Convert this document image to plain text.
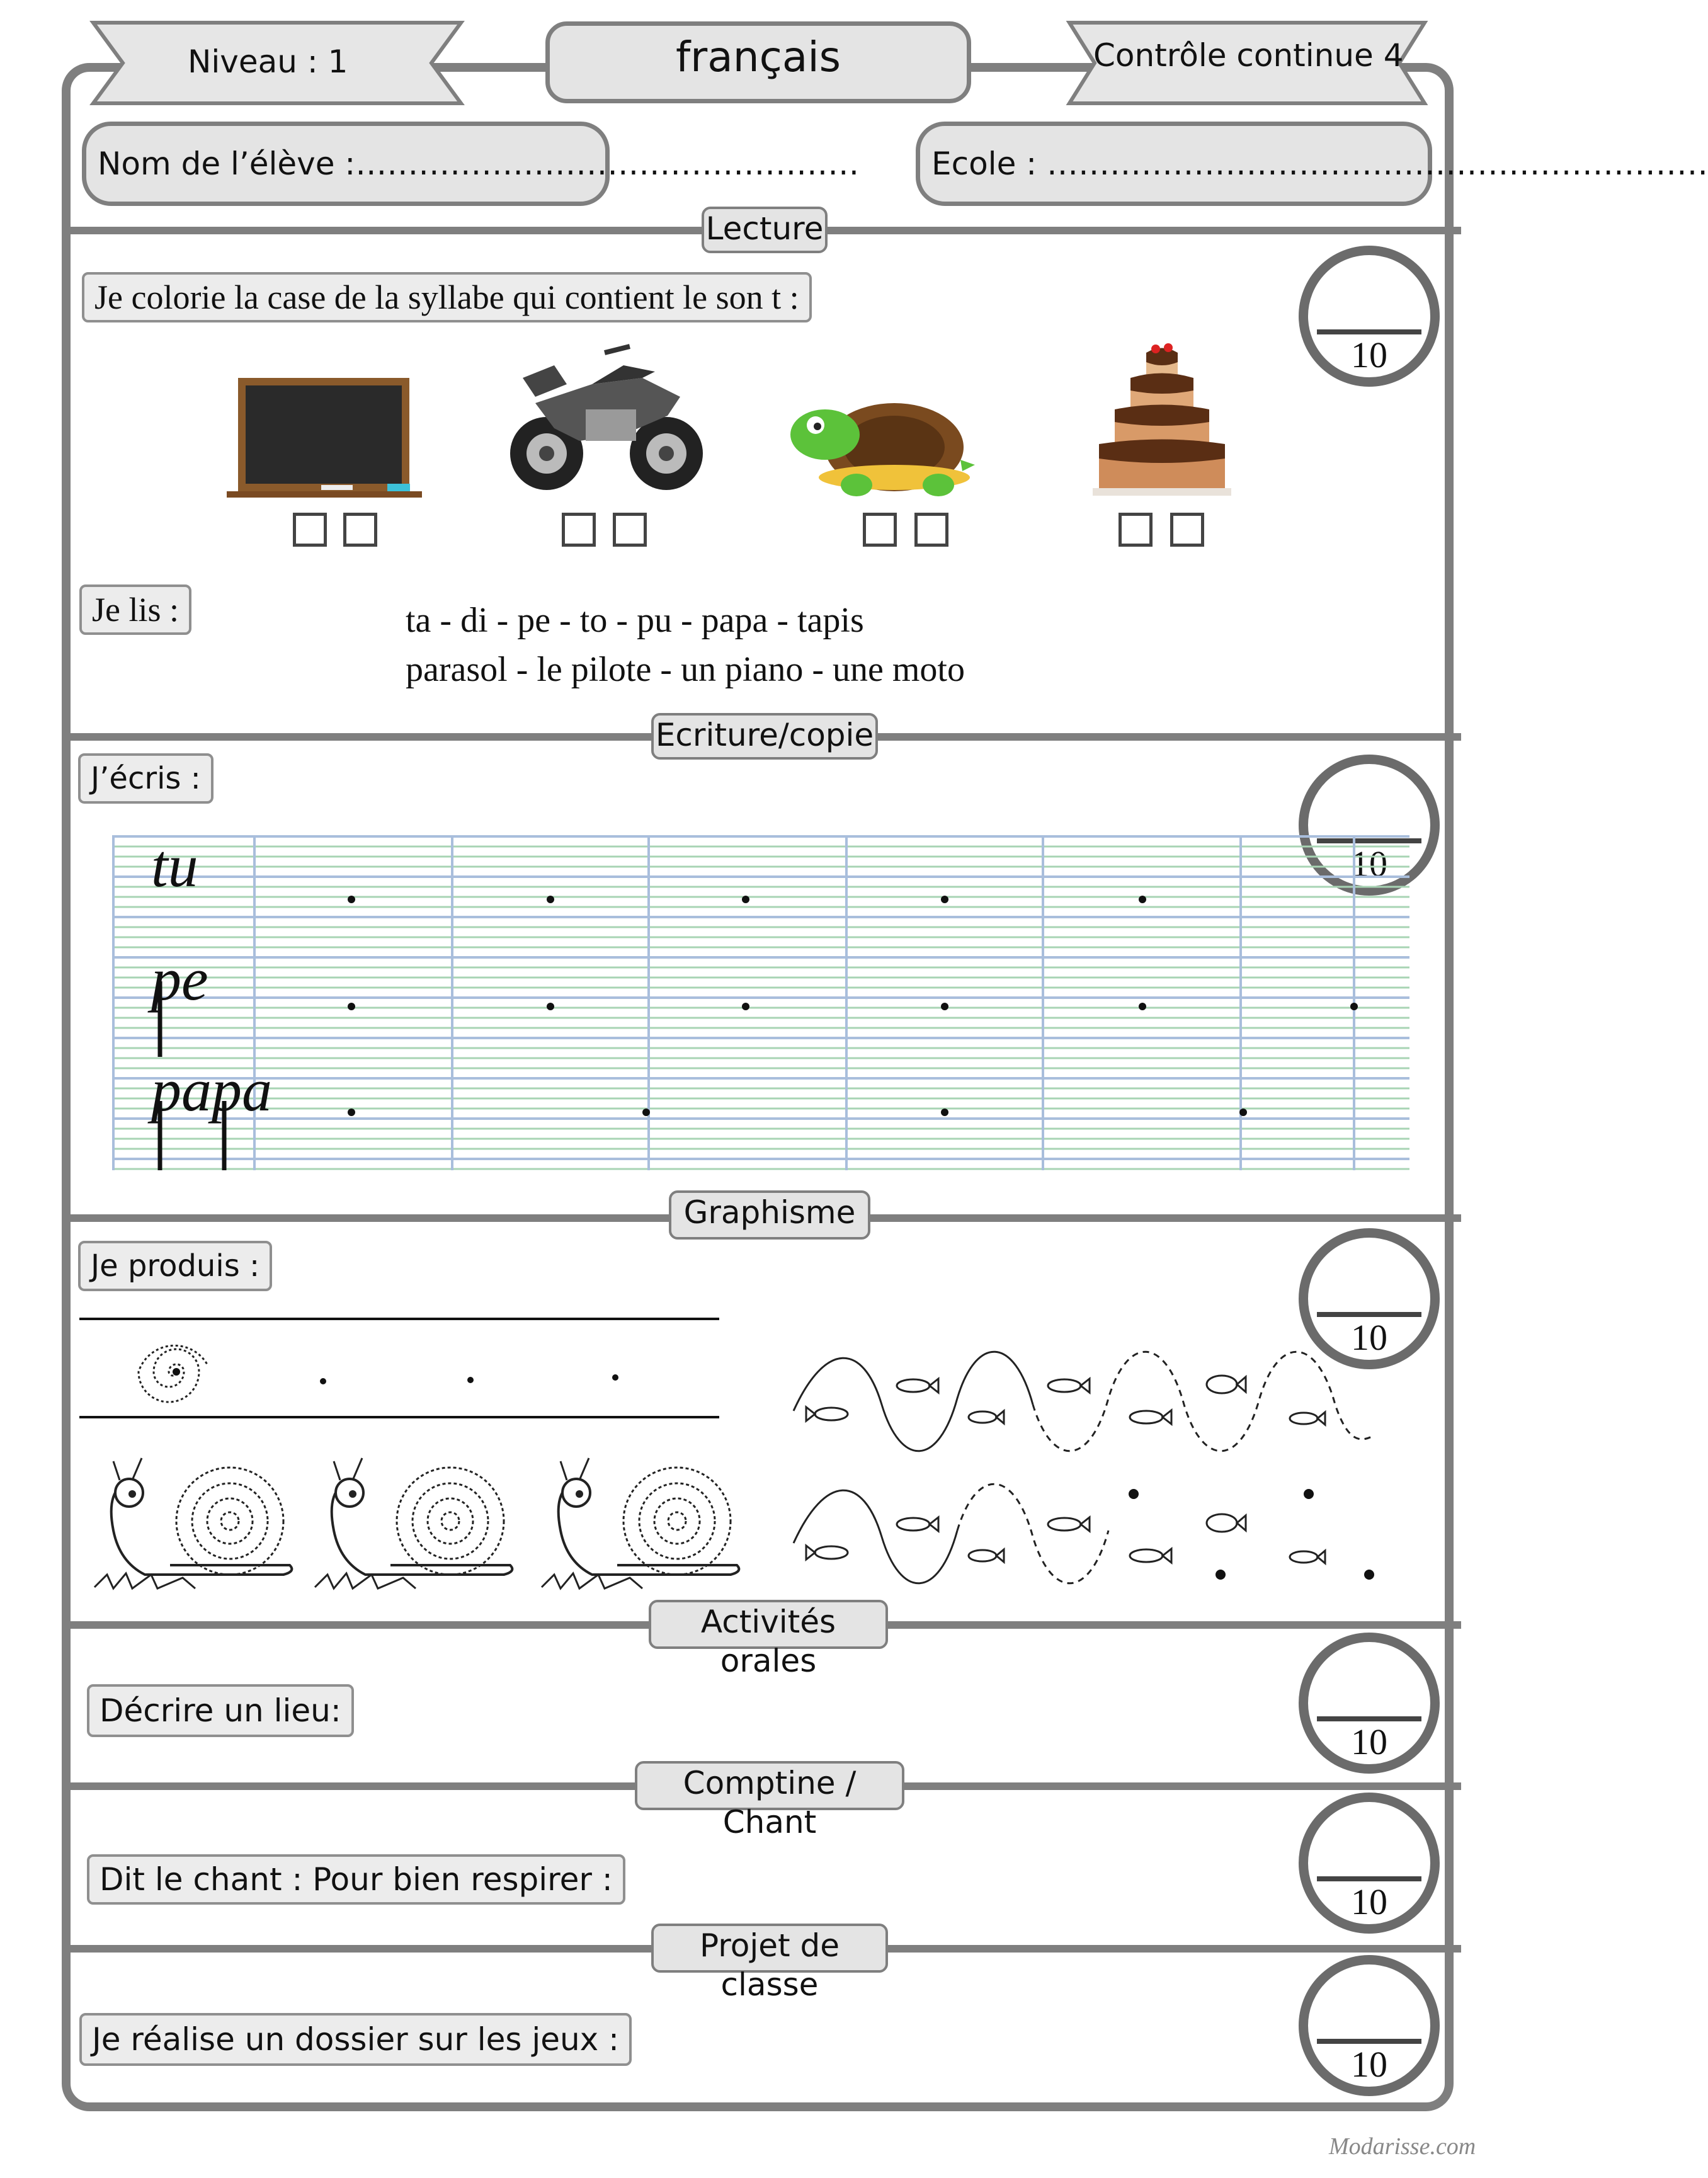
Niveau : 1	français	Contrôle continue 4
Nom de l’élève :…………………………………………	Ecole : ………………………………………………………
Lecture
Ecriture/copie
Graphisme
Activités orales
Comptine / Chant
Projet de classe
10
10
10
10
10
10
Je colorie la case de la syllabe qui contient le son t :
Je lis :	ta - di - pe - to - pu - papa - tapis
parasol - le pilote - un piano - une moto
J’écris :
tu
pe
papa
Je produis :
Décrire un lieu:
Dit le chant : Pour bien respirer :
Je réalise un dossier sur les jeux :
Modarisse.com
